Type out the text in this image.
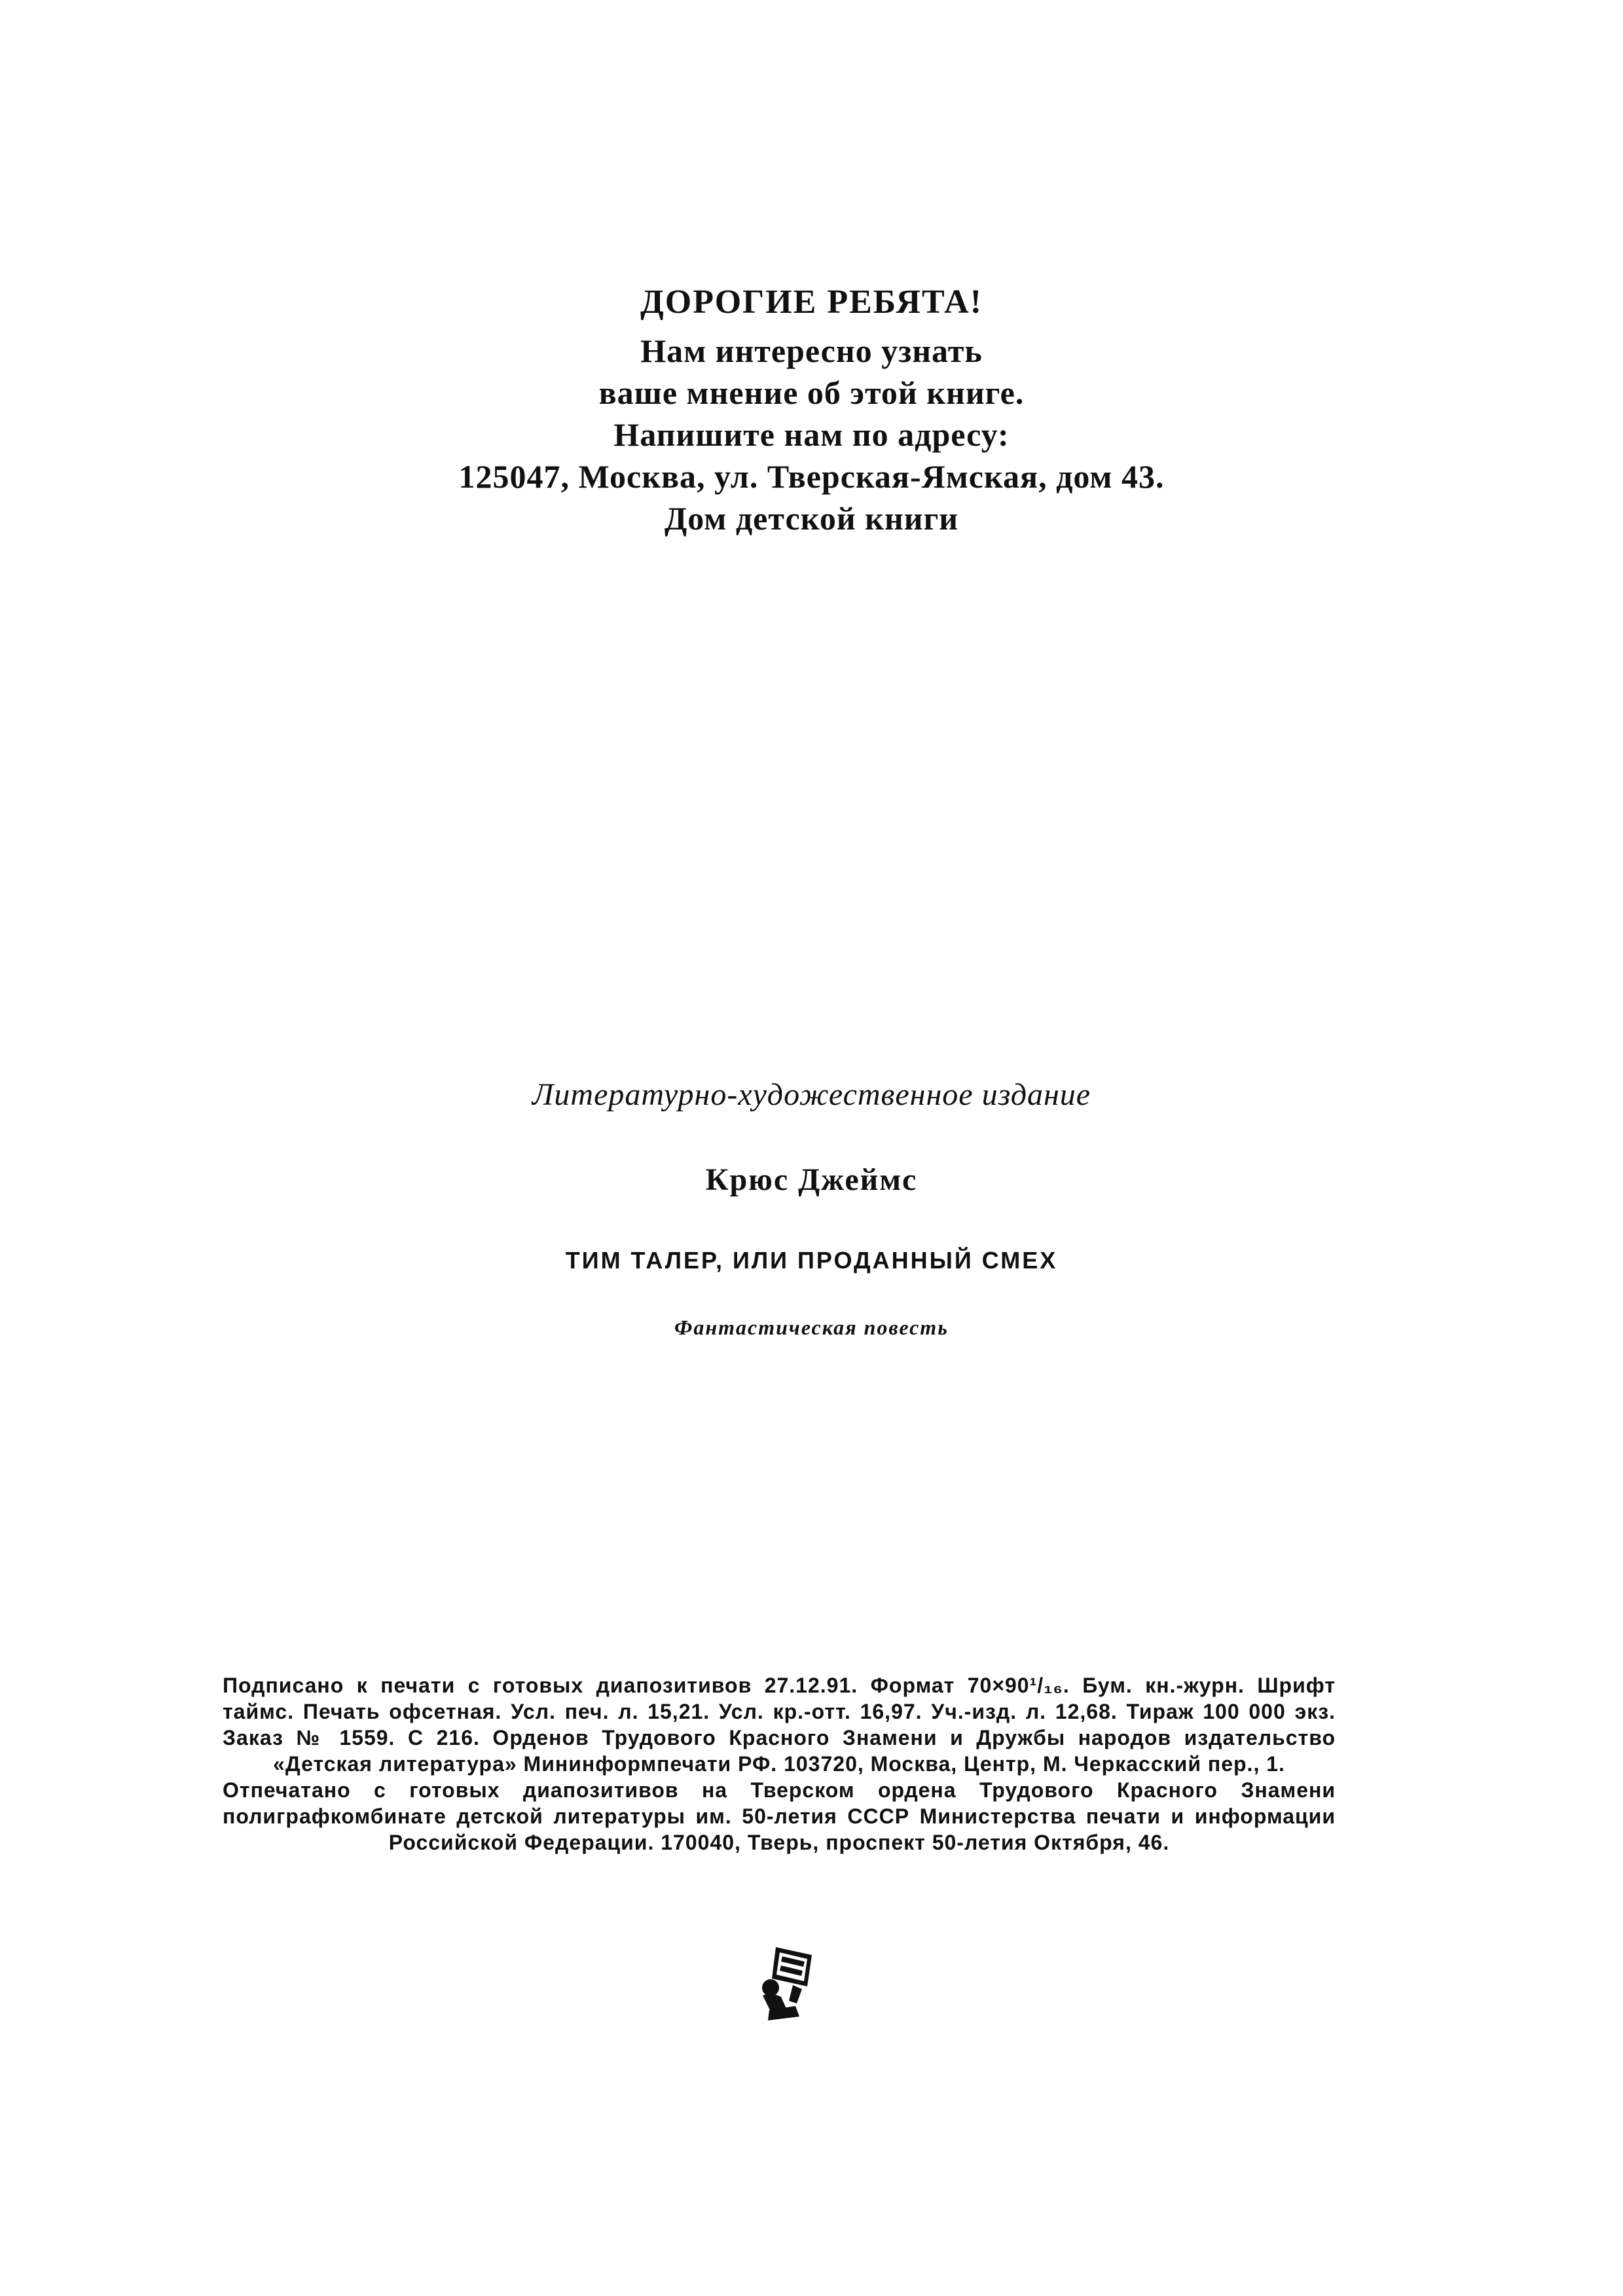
ДОРОГИЕ РЕБЯТА!
Нам интересно узнать
ваше мнение об этой книге.
Напишите нам по адресу:
125047, Москва, ул. Тверская-Ямская, дом 43.
Дом детской книги
Литературно-художественное издание
Крюс Джеймс
ТИМ ТАЛЕР, ИЛИ ПРОДАННЫЙ СМЕХ
Фантастическая повесть

Подписано к печати с готовых диапозитивов 27.12.91. Формат 70×90¹/₁₆. Бум. кн.-журн. Шрифт таймс. Печать офсетная. Усл. печ. л. 15,21. Усл. кр.-отт. 16,97. Уч.-изд. л. 12,68. Тираж 100 000 экз. Заказ № 1559. С 216. Орденов Трудового Красного Знамени и Дружбы народов издательство «Детская литература» Мининформпечати РФ. 103720, Москва, Центр, М. Черкасский пер., 1.

Отпечатано с готовых диапозитивов на Тверском ордена Трудового Красного Знамени полиграфкомбинате детской литературы им. 50-летия СССР Министерства печати и информации Российской Федерации. 170040, Тверь, проспект 50-летия Октября, 46.
